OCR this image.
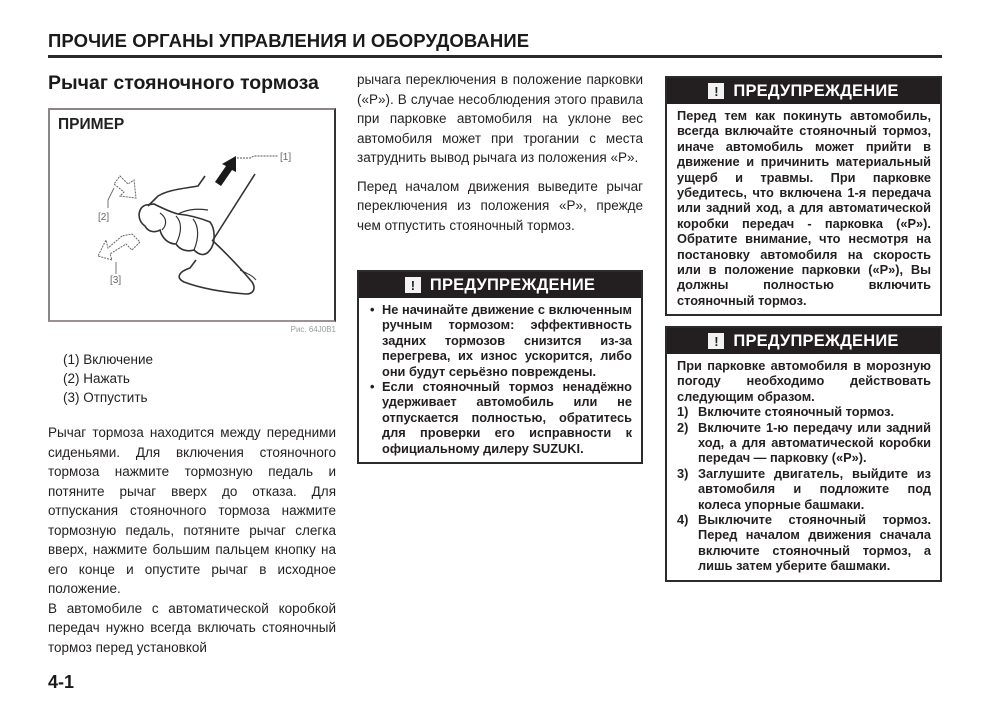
ПРОЧИЕ ОРГАНЫ УПРАВЛЕНИЯ И ОБОРУДОВАНИЕ
Рычаг стояночного тормоза
ПРИМЕР
[1]
[2]
[3]
Рис. 64J0B1
(1) Включение
(2) Нажать
(3) Отпустить

Рычаг тормоза находится между передними сиденьями. Для включения стояночного тормоза нажмите тормозную педаль и потяните рычаг вверх до отказа. Для отпускания стояночного тормоза нажмите тормозную педаль, потяните рычаг слегка вверх, нажмите большим пальцем кнопку на его конце и опустите рычаг в исходное положение.

В автомобиле с автоматической коробкой передач нужно всегда включать стояночный тормоз перед установкой

рычага переключения в положение парковки («P»). В случае несоблюдения этого правила при парковке автомобиля на уклоне вес автомобиля может при трогании с места затруднить вывод рычага из положения «P».

Перед началом движения выведите рычаг переключения из положения «P», прежде чем отпустить стояночный тормоз.

! ПРЕДУПРЕЖДЕНИЕ
• Не начинайте движение с включенным ручным тормозом: эффективность задних тормозов снизится из-за перегрева, их износ ускорится, либо они будут серьёзно повреждены.
• Если стояночный тормоз ненадёжно удерживает автомобиль или не отпускается полностью, обратитесь для проверки его исправности к официальному дилеру SUZUKI.
! ПРЕДУПРЕЖДЕНИЕ

Перед тем как покинуть автомобиль, всегда включайте стояночный тормоз, иначе автомобиль может прийти в движение и причинить материальный ущерб и травмы. При парковке убедитесь, что включена 1-я передача или задний ход, а для автоматической коробки передач - парковка («P»). Обратите внимание, что несмотря на постановку автомобиля на скорость или в положение парковки («P»), Вы должны полностью включить стояночный тормоз.

! ПРЕДУПРЕЖДЕНИЕ

При парковке автомобиля в морозную погоду необходимо действовать следующим образом.

1) Включите стояночный тормоз.
2) Включите 1-ю передачу или задний ход, а для автоматической коробки передач — парковку («P»).
3) Заглушите двигатель, выйдите из автомобиля и подложите под колеса упорные башмаки.
4) Выключите стояночный тормоз. Перед началом движения сначала включите стояночный тормоз, а лишь затем уберите башмаки.
4-1
